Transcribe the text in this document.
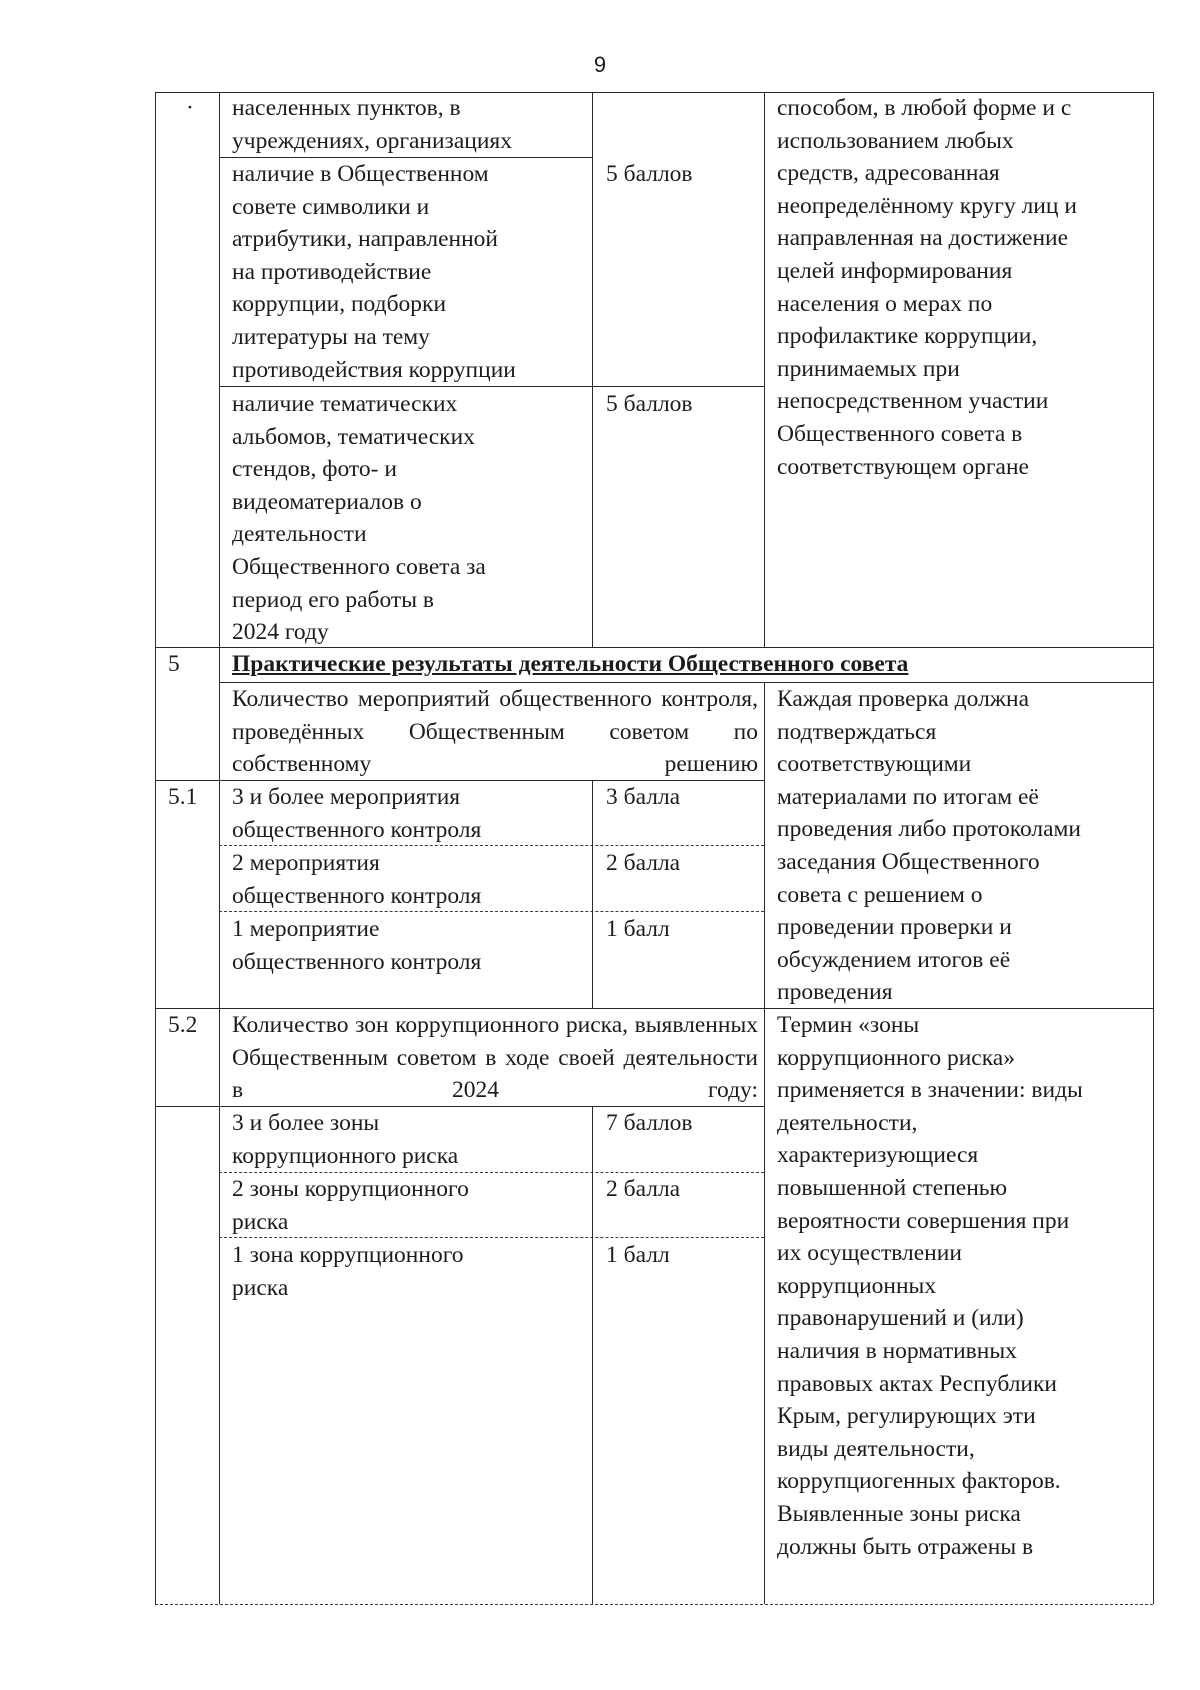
9

· населенных пунктов, в
учреждениях, организациях

наличие в Общественном
совете символики и
атрибутики, направленной
на противодействие
коррупции, подборки
литературы на тему
противодействия коррупции

5 баллов

наличие тематических
альбомов, тематических
стендов, фото- и
видеоматериалов о
деятельности
Общественного совета за
период его работы в
2024 году

5 баллов

способом, в любой форме и с
использованием любых
средств, адресованная
неопределённому кругу лиц и
направленная на достижение
целей информирования
населения о мерах по
профилактике коррупции,
принимаемых при
непосредственном участии
Общественного совета в
соответствующем органе

5 Практические результаты деятельности Общественного совета

Количество мероприятий общественного контроля, проведённых Общественным советом по собственному решению

5.1 3 и более мероприятия
общественного контроля

3 балла

2 мероприятия
общественного контроля

2 балла

1 мероприятие
общественного контроля

1 балл

Каждая проверка должна
подтверждаться
соответствующими
материалами по итогам её
проведения либо протоколами
заседания Общественного
совета с решением о
проведении проверки и
обсуждением итогов её
проведения

5.2 Количество зон коррупционного риска, выявленных Общественным советом в ходе своей деятельности в 2024 году:

3 и более зоны
коррупционного риска

7 баллов

2 зоны коррупционного
риска

2 балла

1 зона коррупционного
риска

1 балл

Термин «зоны
коррупционного риска»
применяется в значении: виды
деятельности,
характеризующиеся
повышенной степенью
вероятности совершения при
их осуществлении
коррупционных
правонарушений и (или)
наличия в нормативных
правовых актах Республики
Крым, регулирующих эти
виды деятельности,
коррупциогенных факторов.
Выявленные зоны риска
должны быть отражены в
